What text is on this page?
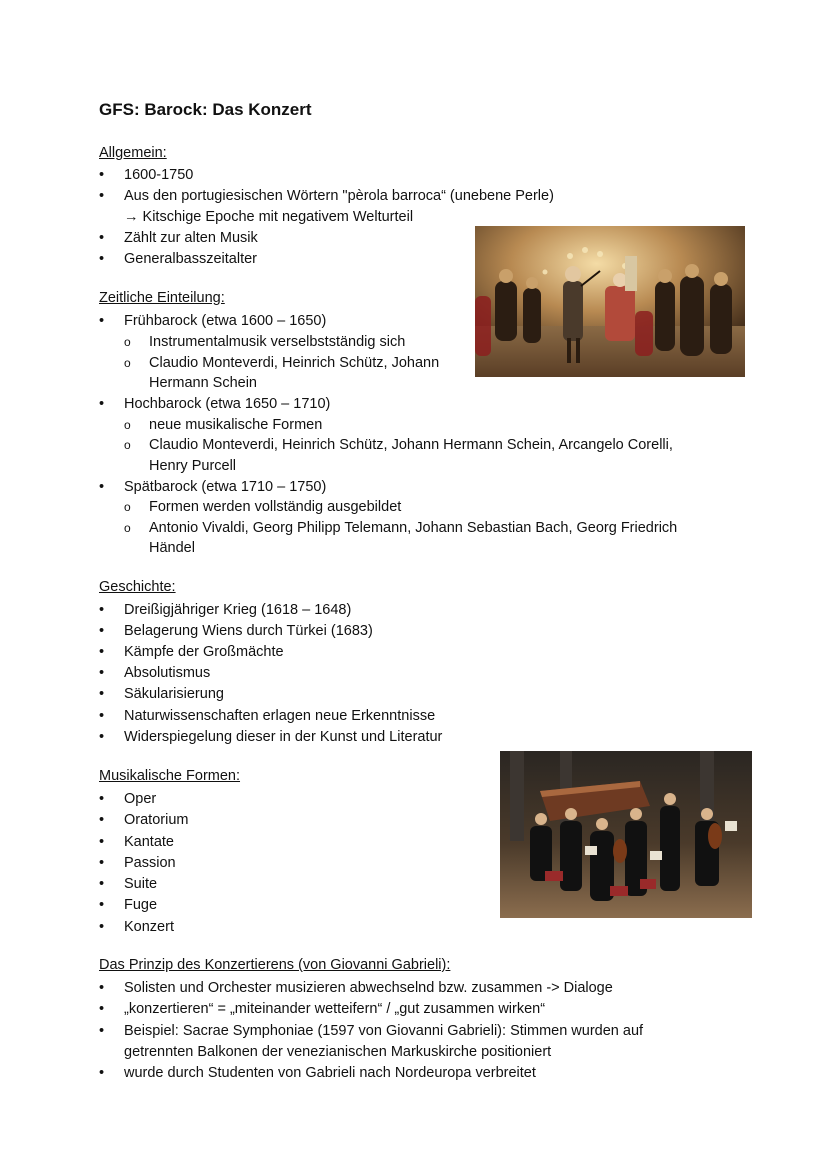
GFS: Barock: Das Konzert

Allgemein:

• 1600-1750
• Aus den portugiesischen Wörtern "pèrola barroca“ (unebene Perle)
→ Kitschige Epoche mit negativem Welturteil
• Zählt zur alten Musik
• Generalbasszeitalter

Zeitliche Einteilung:

• Frühbarock (etwa 1600 – 1650)
o Instrumentalmusik verselbstständig sich
o Claudio Monteverdi, Heinrich Schütz, Johann
Hermann Schein
• Hochbarock (etwa 1650 – 1710)
o neue musikalische Formen
o Claudio Monteverdi, Heinrich Schütz, Johann Hermann Schein, Arcangelo Corelli,
Henry Purcell
• Spätbarock (etwa 1710 – 1750)
o Formen werden vollständig ausgebildet
o Antonio Vivaldi, Georg Philipp Telemann, Johann Sebastian Bach, Georg Friedrich
Händel

Geschichte:

• Dreißigjähriger Krieg (1618 – 1648)
• Belagerung Wiens durch Türkei (1683)
• Kämpfe der Großmächte
• Absolutismus
• Säkularisierung
• Naturwissenschaften erlagen neue Erkenntnisse
• Widerspiegelung dieser in der Kunst und Literatur

Musikalische Formen:

• Oper
• Oratorium
• Kantate
• Passion
• Suite
• Fuge
• Konzert

Das Prinzip des Konzertierens (von Giovanni Gabrieli):

• Solisten und Orchester musizieren abwechselnd bzw. zusammen -> Dialoge
• „konzertieren“ = „miteinander wetteifern“ / „gut zusammen wirken“
• Beispiel: Sacrae Symphoniae (1597 von Giovanni Gabrieli): Stimmen wurden auf
getrennten Balkonen der venezianischen Markuskirche positioniert
• wurde durch Studenten von Gabrieli nach Nordeuropa verbreitet
